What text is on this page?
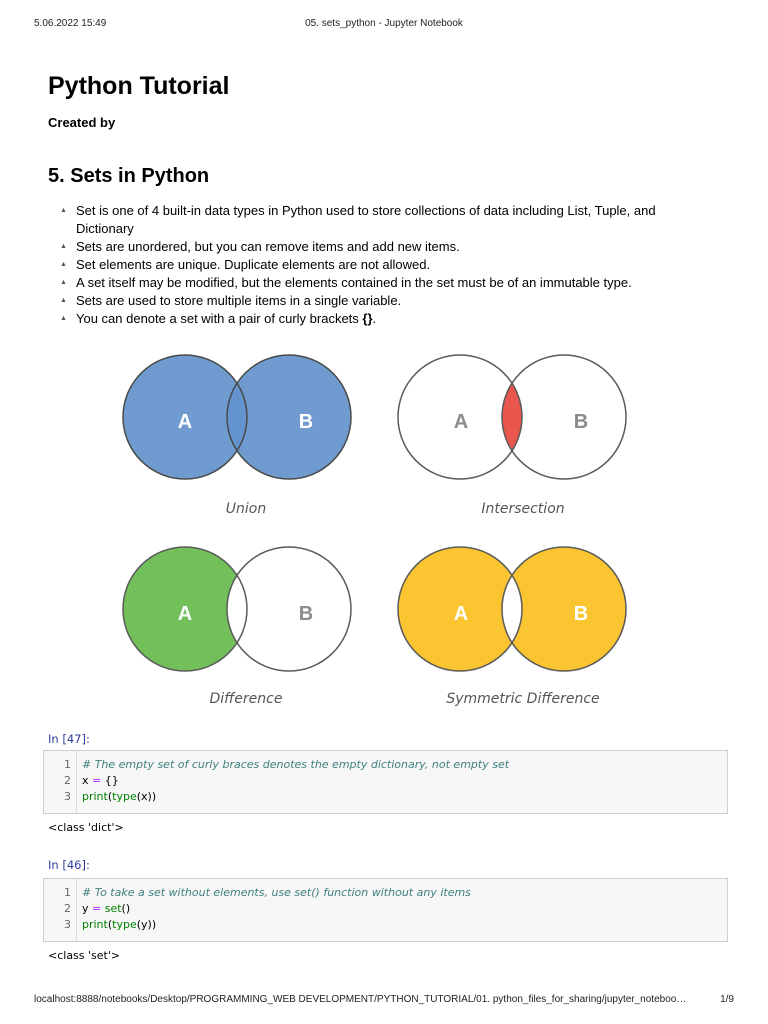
5.06.2022 15:49	05. sets_python - Jupyter Notebook
Python Tutorial
Created by
5. Sets in Python
▲ Set is one of 4 built-in data types in Python used to store collections of data including List, Tuple, and Dictionary
▲ Sets are unordered, but you can remove items and add new items.
▲ Set elements are unique. Duplicate elements are not allowed.
▲ A set itself may be modified, but the elements contained in the set must be of an immutable type.
▲ Sets are used to store multiple items in a single variable.
▲ You can denote a set with a pair of curly brackets {}.
A	B
Union
A	B
Intersection
A	B
Difference
A	B
Symmetric Difference
In [47]:
1 # The empty set of curly braces denotes the empty dictionary, not empty set
2 x = {}
3 print(type(x))
<class 'dict'>
In [46]:
1 # To take a set without elements, use set() function without any items
2 y = set()
3 print(type(y))
<class 'set'>
localhost:8888/notebooks/Desktop/PROGRAMMING_WEB DEVELOPMENT/PYTHON_TUTORIAL/01. python_files_for_sharing/jupyter_noteboo…	1/9
